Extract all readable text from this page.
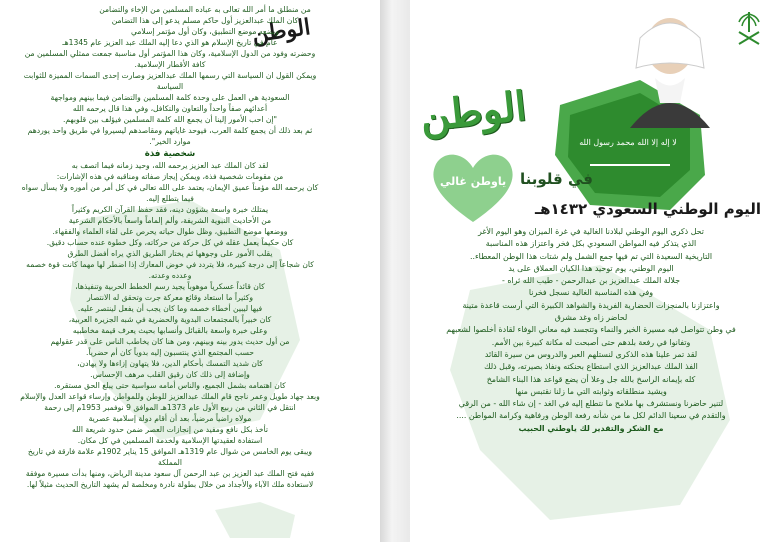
الوطن
من منطلق ما أمر الله تعالى به عباده المسلمين من الإخاء والتضامن
كان الملك عبدالعزيز أول حاكم مسلم يدعو إلى هذا التضامن
ويضعه موضع التطبيق، وكان أول مؤتمر إسلامي
عام في تاريخ الإسلام هو الذي دعا إليه الملك عبد العزيز عام 1345هـ
وحضرته وفود من الدول الإسلامية، وكان هذا المؤتمر أول مناسبة جمعت ممثلي المسلمين من كافة الأقطار الإسلامية.
ويمكن القول ان السياسة التي رسمها الملك عبدالعزيز وصارت إحدى السمات المميزة للثوابت السياسة
السعودية هي العمل على وحدة كلمة المسلمين والتضامن فيما بينهم ومواجهة
أعدائهم صفاً واحداً والتعاون والتكافل، وفي هذا قال يرحمه الله
"إن احب الأمور إلينا أن يجمع الله كلمة المسلمين فيؤلف بين قلوبهم.
ثم بعد ذلك أن يجمع كلمة العرب، فيوحد غاياتهم ومقاصدهم ليسيروا في طريق واحد يوردهم موارد الخير".
شخصية فذة
لقد كان الملك عبد العزيز يرحمه الله، وحيد زمانه فيما اتصف به
من مقومات شخصية فذة، ويمكن إيجاز صفاته ومناقبه في هذه الإشارات:
كان يرحمه الله مؤمناً عميق الإيمان، يعتمد على الله تعالى في كل أمر من أموره ولا يسأل سواه فيما يتطلع إليه.
يمتلك خبرة واسعة بشؤون دينه، فقد حفظ القرآن الكريم وكثيراً
من الأحاديث النبوية الشريفة، وألم إلماماً واسعاً بالأحكام الشرعية
ووضعها موضع التطبيق، وظل طوال حياته يحرص على لقاء العلماء والفقهاء.
كان حكيماً يعمل عقله في كل حركة من حركاته، وكل خطوة عنده حساب دقيق.
يقلب الأمور على وجوهها ثم يختار الطريق الذي يراه أفضل الطرق
كان شجاعاً إلى درجة كبيرة، فلا يتردد في خوض المعارك إذا اضطر لها مهما كانت قوة خصمه وعدده وعدته.
كان قائداً عسكرياً موهوباً يجيد رسم الخطط الحربية وتنفيذها،
وكثيراً ما استعاد وقائع معركة جرت وتحقق له الانتصار
فيها ليبين أخطاء خصمه وما كان يجب أن يفعل لينتصر عليه.
كان خبيراً بالمجتمعات البدوية والحضرية في شبه الجزيرة العربية،
وعلى خبرة واسعة بالقبائل وأنسابها بحيث يعرف قيمة مخاطبيه
من أول حديث يدور بينه وبينهم، ومن هنا كان يخاطب الناس على قدر عقولهم
حسب المجتمع الذي ينتسبون إليه بدوياً كان أم حضرياً.
كان شديد التمسك بأحكام الدين، فلا يتهاون إزاءها ولا يهادن،
وإضافة إلى ذلك كان رقيق القلب مرهف الإحساس.
كان اهتمامه بشمل الجميع، والناس أمامه سواسية حتى يبلغ الحق مستقره.
وبعد جهاد طويل وعمر ناجح قام الملك عبدالعزيز للوطن وللمواطن وإرساء قواعد العدل والإسلام
انتقل في الثاني من ربيع الأول عام 1373هـ الموافق 9 نوفمبر 1953م إلى رحمة
مولاه راضياً مرضياً، بعد أن أقام دولة إسلامية عصرية
تأخذ بكل نافع ومفيد من إنجازات العصر ضمن حدود شريعة الله
استفادة لعقيدتها الإسلامية ولخدمة المسلمين في كل مكان.
ويبقى يوم الخامس من شوال عام 1319هـ الموافق 15 يناير 1902م علامة فارقة في تاريخ المملكة
ففيه فتح الملك عبد العزيز بن عبد الرحمن آل سعود مدينة الرياض، ومنها بدأت مسيرة موفقة
لاستعادة ملك الآباء والأجداد من خلال بطولة نادرة ومخلصة لم يشهد التاريخ الحديث مثيلاً لها.
لا إله إلا الله محمد رسول الله
الوطن
ياوطن غالي في قلوبنا
اليوم الوطني السعودي ١٤٣٢هـ
تحل ذكرى اليوم الوطني لبلادنا الغالية في غرة الميزان وهو اليوم الأغر
الذي يتذكر فيه المواطن السعودي بكل فخر واعتزاز هذه المناسبة
التاريخية السعيدة التي تم فيها جمع الشمل ولم شتات هذا الوطن المعطاء..
اليوم الوطني، يوم توحيد هذا الكيان العملاق على يد
جلالة الملك عبدالعزيز بن عبدالرحمن - طيب الله ثراه -
وفي هذه المناسبة الغالية نسجل فخرنا
واعتزازنا بالمنجزات الحضارية الفريدة والشواهد الكبيرة التي أرست قاعدة متينة
لحاضر زاه وغد مشرق
في وطن تتواصل فيه مسيرة الخير والنماء وتتجسد فيه معاني الوفاء لقادة أخلصوا لشعبهم
وتفانوا في رفعة بلدهم حتى أصبحت له مكانة كبيرة بين الأمم.
لقد تمر علينا هذه الذكرى لنستلهم العبر والدروس من سيرة القائد
الفذ الملك عبدالعزيز الذي استطاع بحنكته ونفاذ بصيرته، وقبل ذلك
كله بإيمانه الراسخ بالله جل وعلا أن يضع قواعد هذا البناء الشامخ
ويشيد منطلقاته وثوابته التي ما زلنا نقتبس منها
لتنير حاضرنا ونستشرف بها ملامح ما نتطلع إليه في الغد - إن شاء الله - من الرقي
والتقدم في سعينا الدائم لكل ما من شأنه رفعة الوطن ورفاهية وكرامة المواطن ....
مع الشكر والتقدير لك ياوطني الحبيب
